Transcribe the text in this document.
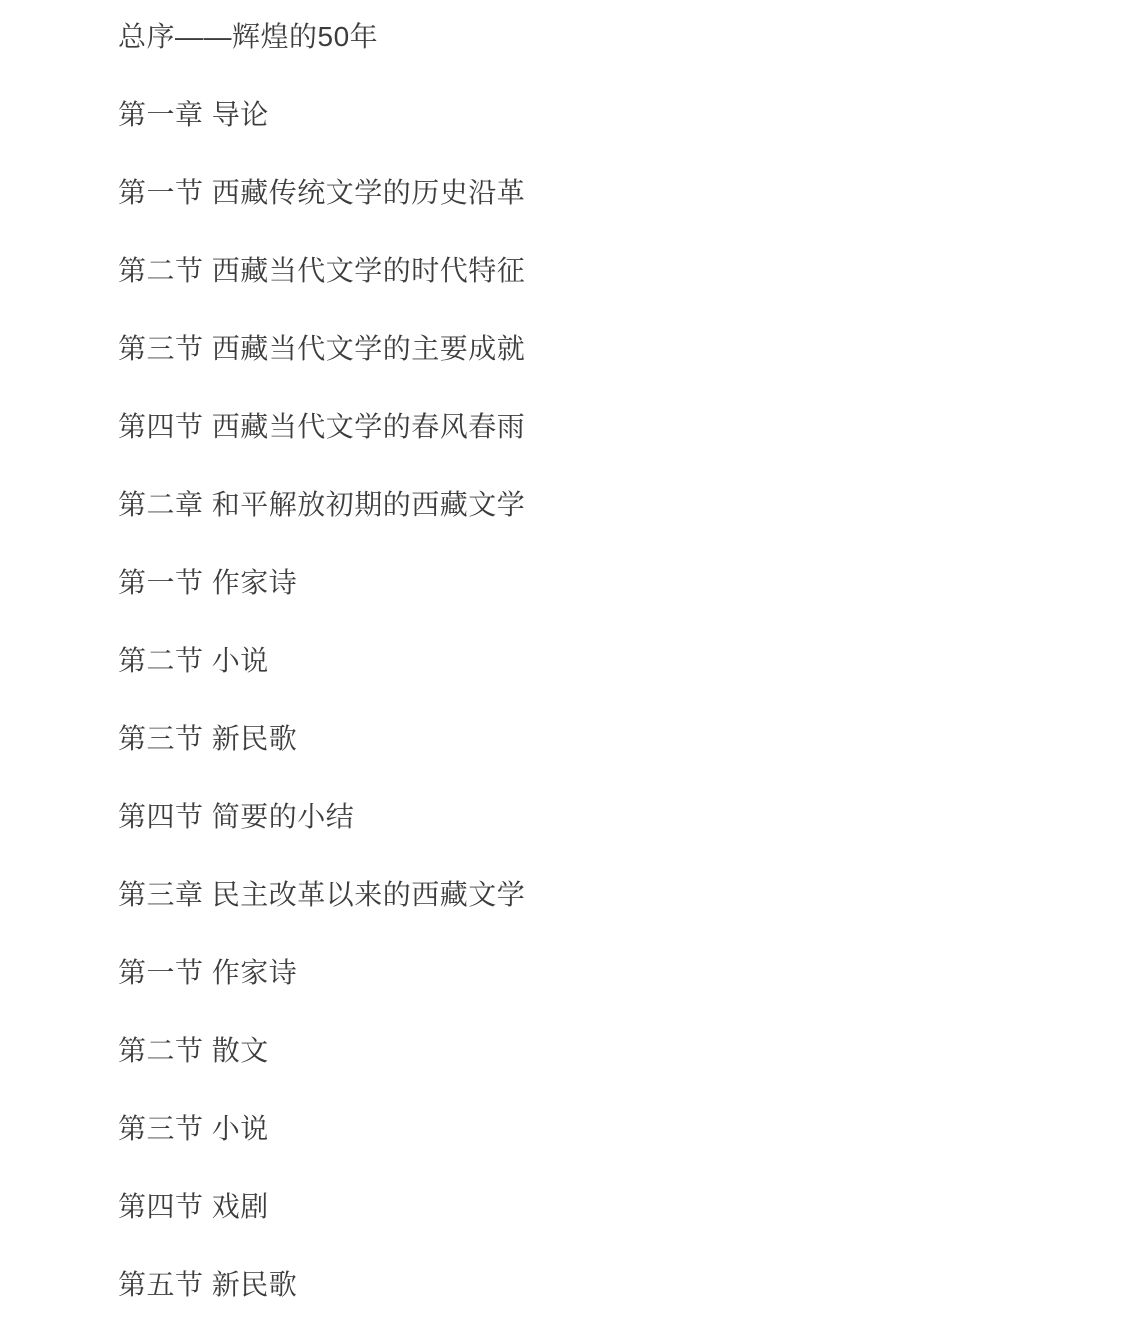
总序——辉煌的50年
第一章 导论
第一节 西藏传统文学的历史沿革
第二节 西藏当代文学的时代特征
第三节 西藏当代文学的主要成就
第四节 西藏当代文学的春风春雨
第二章 和平解放初期的西藏文学
第一节 作家诗
第二节 小说
第三节 新民歌
第四节 简要的小结
第三章 民主改革以来的西藏文学
第一节 作家诗
第二节 散文
第三节 小说
第四节 戏剧
第五节 新民歌
